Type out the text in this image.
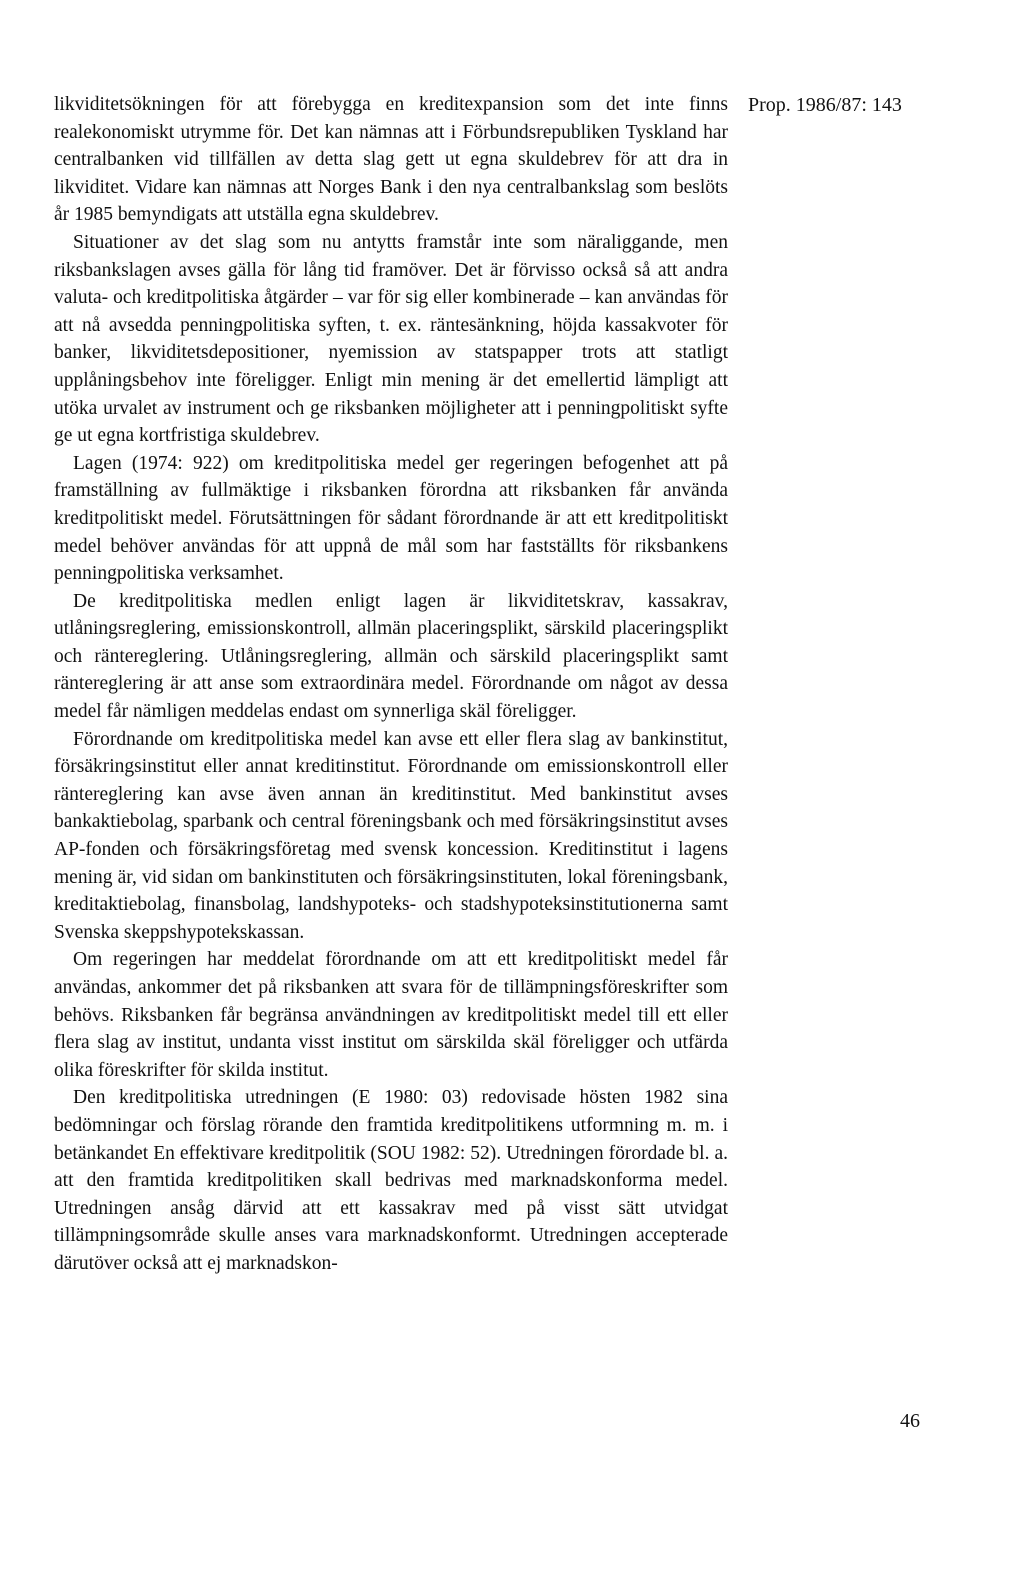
likviditetsökningen för att förebygga en kreditexpansion som det inte finns realekonomiskt utrymme för. Det kan nämnas att i Förbundsrepubliken Tyskland har centralbanken vid tillfällen av detta slag gett ut egna skuldebrev för att dra in likviditet. Vidare kan nämnas att Norges Bank i den nya centralbankslag som beslöts år 1985 bemyndigats att utställa egna skuldebrev.

Situationer av det slag som nu antytts framstår inte som näraliggande, men riksbankslagen avses gälla för lång tid framöver. Det är förvisso också så att andra valuta- och kreditpolitiska åtgärder – var för sig eller kombinerade – kan användas för att nå avsedda penningpolitiska syften, t. ex. räntesänkning, höjda kassakvoter för banker, likviditetsdepositioner, nyemission av statspapper trots att statligt upplåningsbehov inte föreligger. Enligt min mening är det emellertid lämpligt att utöka urvalet av instrument och ge riksbanken möjligheter att i penningpolitiskt syfte ge ut egna kortfristiga skuldebrev.

Lagen (1974: 922) om kreditpolitiska medel ger regeringen befogenhet att på framställning av fullmäktige i riksbanken förordna att riksbanken får använda kreditpolitiskt medel. Förutsättningen för sådant förordnande är att ett kreditpolitiskt medel behöver användas för att uppnå de mål som har fastställts för riksbankens penningpolitiska verksamhet.

De kreditpolitiska medlen enligt lagen är likviditetskrav, kassakrav, utlåningsreglering, emissionskontroll, allmän placeringsplikt, särskild placeringsplikt och räntereglering. Utlåningsreglering, allmän och särskild placeringsplikt samt räntereglering är att anse som extraordinära medel. Förordnande om något av dessa medel får nämligen meddelas endast om synnerliga skäl föreligger.

Förordnande om kreditpolitiska medel kan avse ett eller flera slag av bankinstitut, försäkringsinstitut eller annat kreditinstitut. Förordnande om emissionskontroll eller räntereglering kan avse även annan än kreditinstitut. Med bankinstitut avses bankaktiebolag, sparbank och central föreningsbank och med försäkringsinstitut avses AP-fonden och försäkringsföretag med svensk koncession. Kreditinstitut i lagens mening är, vid sidan om bankinstituten och försäkringsinstituten, lokal föreningsbank, kreditaktiebolag, finansbolag, landshypoteks- och stadshypoteksinstitutionerna samt Svenska skeppshypotekskassan.

Om regeringen har meddelat förordnande om att ett kreditpolitiskt medel får användas, ankommer det på riksbanken att svara för de tillämpningsföreskrifter som behövs. Riksbanken får begränsa användningen av kreditpolitiskt medel till ett eller flera slag av institut, undanta visst institut om särskilda skäl föreligger och utfärda olika föreskrifter för skilda institut.

Den kreditpolitiska utredningen (E 1980: 03) redovisade hösten 1982 sina bedömningar och förslag rörande den framtida kreditpolitikens utformning m. m. i betänkandet En effektivare kreditpolitik (SOU 1982: 52). Utredningen förordade bl. a. att den framtida kreditpolitiken skall bedrivas med marknadskonforma medel. Utredningen ansåg därvid att ett kassakrav med på visst sätt utvidgat tillämpningsområde skulle anses vara marknadskonformt. Utredningen accepterade därutöver också att ej marknadskon-

Prop. 1986/87: 143
46
